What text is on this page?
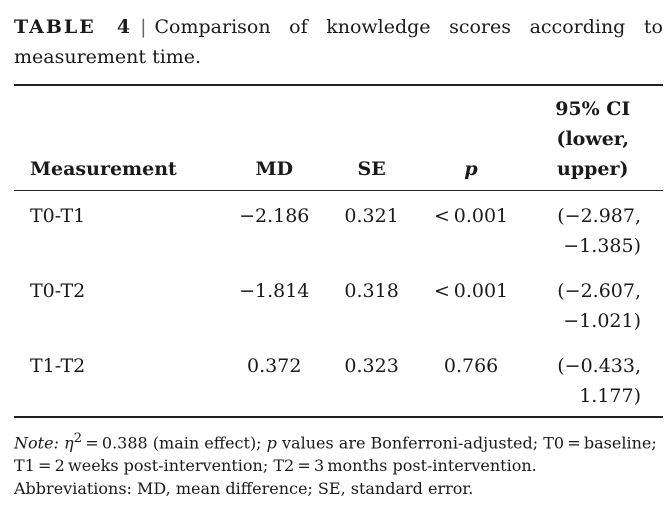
TABLE 4 | Comparison of knowledge scores according to measurement time.

Measurement	MD	SE	p	95% CI
(lower,
upper)

T0-T1	−2.186	0.321	< 0.001	(−2.987,
−1.385)

T0-T2	−1.814	0.318	< 0.001	(−2.607,
−1.021)

T1-T2	0.372	0.323	0.766	(−0.433,
1.177)
Note: $\eta^2 = 0.388$ (main effect); p values are Bonferroni-adjusted; T0 = baseline;
T1 = 2 weeks post-intervention; T2 = 3 months post-intervention.
Abbreviations: MD, mean difference; SE, standard error.
